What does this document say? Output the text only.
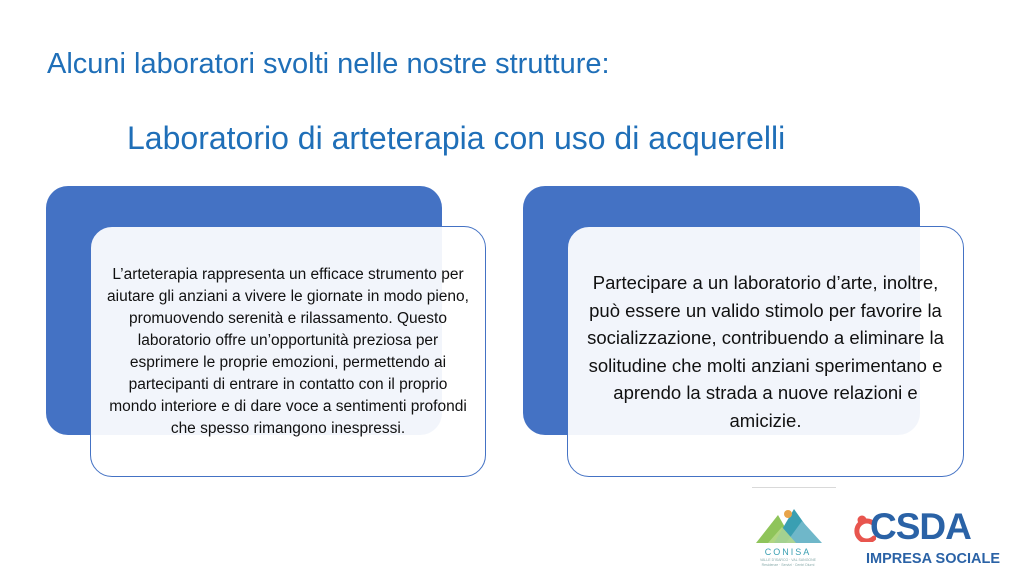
Alcuni laboratori svolti nelle nostre strutture:
Laboratorio di arteterapia con uso di acquerelli

L’arteterapia rappresenta un efficace strumento per aiutare gli anziani a vivere le giornate in modo pieno, promuovendo serenità e rilassamento. Questo laboratorio offre un’opportunità preziosa per esprimere le proprie emozioni, permettendo ai partecipanti di entrare in contatto con il proprio mondo interiore e di dare voce a sentimenti profondi che spesso rimangono inespressi.

Partecipare a un laboratorio d’arte, inoltre, può essere un valido stimolo per favorire la socializzazione, contribuendo a eliminare la solitudine che molti anziani sperimentano e aprendo la strada a nuove relazioni e amicizie.

CONISA
VALLE D'ISARCO · VAL SANGONE
Residenze · Servizi · Centri Diurni
CSDA
IMPRESA SOCIALE
